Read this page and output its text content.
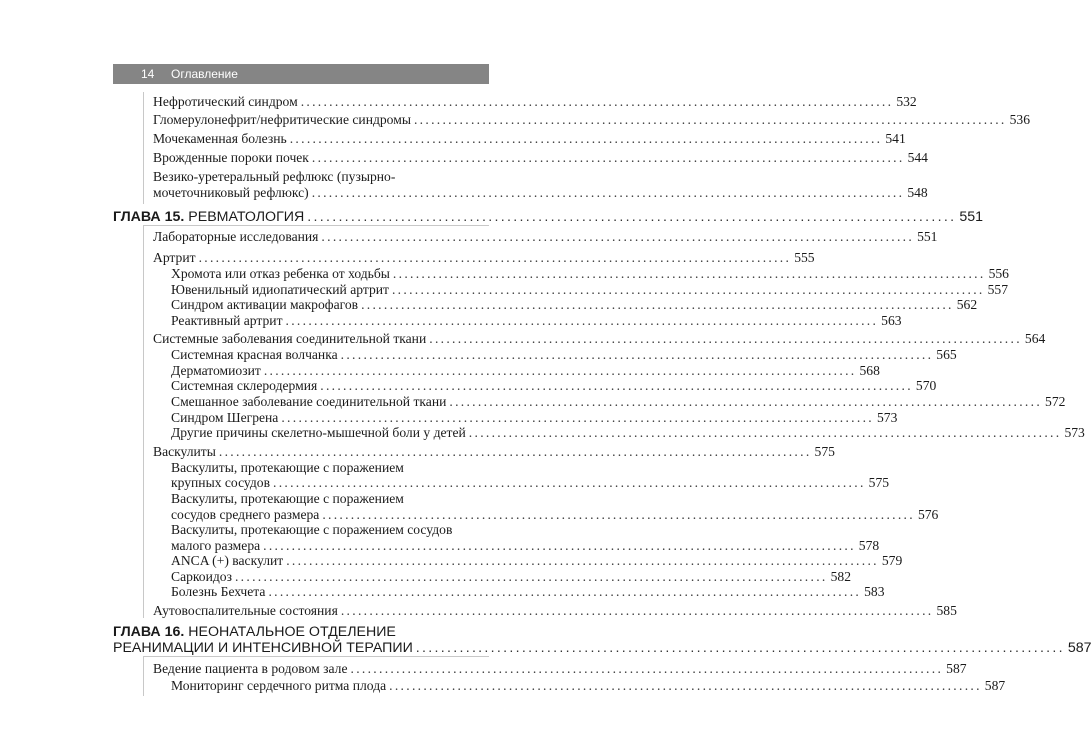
14 Оглавление
Нефротический синдром ........................................................................................................ 532
Гломерулонефрит/нефритические синдромы ........................................................................................................ 536
Мочекаменная болезнь ........................................................................................................ 541
Врожденные пороки почек ........................................................................................................ 544
Везико-уретеральный рефлюкс (пузырно-
мочеточниковый рефлюкс) ........................................................................................................ 548
ГЛАВА 15. РЕВМАТОЛОГИЯ ........................................................................................................ 551
Лабораторные исследования ........................................................................................................ 551
Артрит ........................................................................................................ 555
Хромота или отказ ребенка от ходьбы ........................................................................................................ 556
Ювенильный идиопатический артрит ........................................................................................................ 557
Синдром активации макрофагов ........................................................................................................ 562
Реактивный артрит ........................................................................................................ 563
Системные заболевания соединительной ткани ........................................................................................................ 564
Системная красная волчанка ........................................................................................................ 565
Дерматомиозит ........................................................................................................ 568
Системная склеродермия ........................................................................................................ 570
Смешанное заболевание соединительной ткани ........................................................................................................ 572
Синдром Шегрена ........................................................................................................ 573
Другие причины скелетно-мышечной боли у детей ........................................................................................................ 573
Васкулиты ........................................................................................................ 575
Васкулиты, протекающие с поражением
крупных сосудов ........................................................................................................ 575
Васкулиты, протекающие с поражением
сосудов среднего размера ........................................................................................................ 576
Васкулиты, протекающие с поражением сосудов
малого размера ........................................................................................................ 578
ANCA (+) васкулит ........................................................................................................ 579
Саркоидоз ........................................................................................................ 582
Болезнь Бехчета ........................................................................................................ 583
Аутовоспалительные состояния ........................................................................................................ 585
ГЛАВА 16. НЕОНАТАЛЬНОЕ ОТДЕЛЕНИЕ
РЕАНИМАЦИИ И ИНТЕНСИВНОЙ ТЕРАПИИ ........................................................................................................ 587
Ведение пациента в родовом зале ........................................................................................................ 587
Мониторинг сердечного ритма плода ........................................................................................................ 587
